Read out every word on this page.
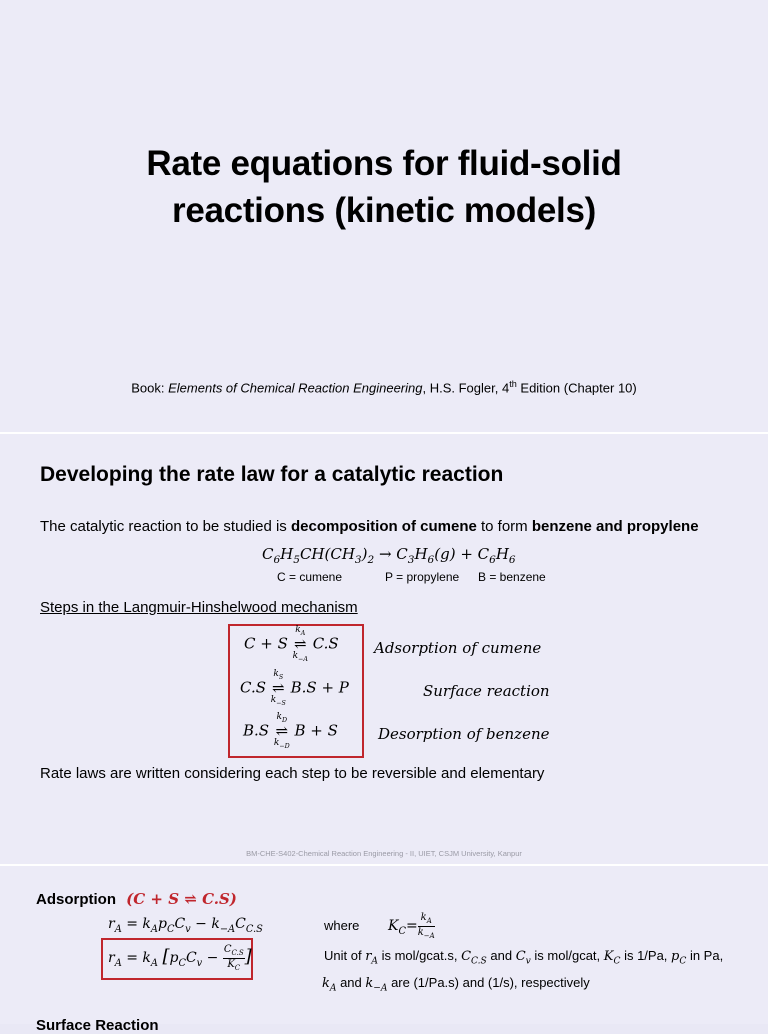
Rate equations for fluid-solid
reactions (kinetic models)
Book: Elements of Chemical Reaction Engineering, H.S. Fogler, 4th Edition (Chapter 10)
Developing the rate law for a catalytic reaction
The catalytic reaction to be studied is decomposition of cumene to form benzene and propylene
$C_6H_5CH(CH_3)_2 \to C_3H_6(g) + C_6H_6$
C = cumene	P = propylene B = benzene
Steps in the Langmuir-Hinshelwood mechanism
C + S
$k_A$
⇌
$k_{-A}$
C.S Adsorption of cumene
C.S
$k_S$
⇌
$k_{-S}$
B.S + P	Surface reaction
B.S
$k_D$
⇌
$k_{-D}$
B + S	Desorption of benzene
Rate laws are written considering each step to be reversible and elementary
BM-CHE-S402-Chemical Reaction Engineering - II, UIET, CSJM University, Kanpur
Adsorption (C + S ⇌ C.S)
$r_A = k_Ap_CC_v - k_{-A}C_{C.S}$
$r_A = k_A$ [$p_CC_v - \frac{C_{C.S}}{K_C}$ ]
where $K_C= \frac{k_A}{k_{-A}}$
Unit of $r_A$ is mol/gcat.s, $C_{C.S}$ and $C_v$ is mol/gcat, $K_C$ is 1/Pa, $p_C$ in Pa,
$k_A$ and $k_{-A}$ are (1/Pa.s) and (1/s), respectively
Surface Reaction
